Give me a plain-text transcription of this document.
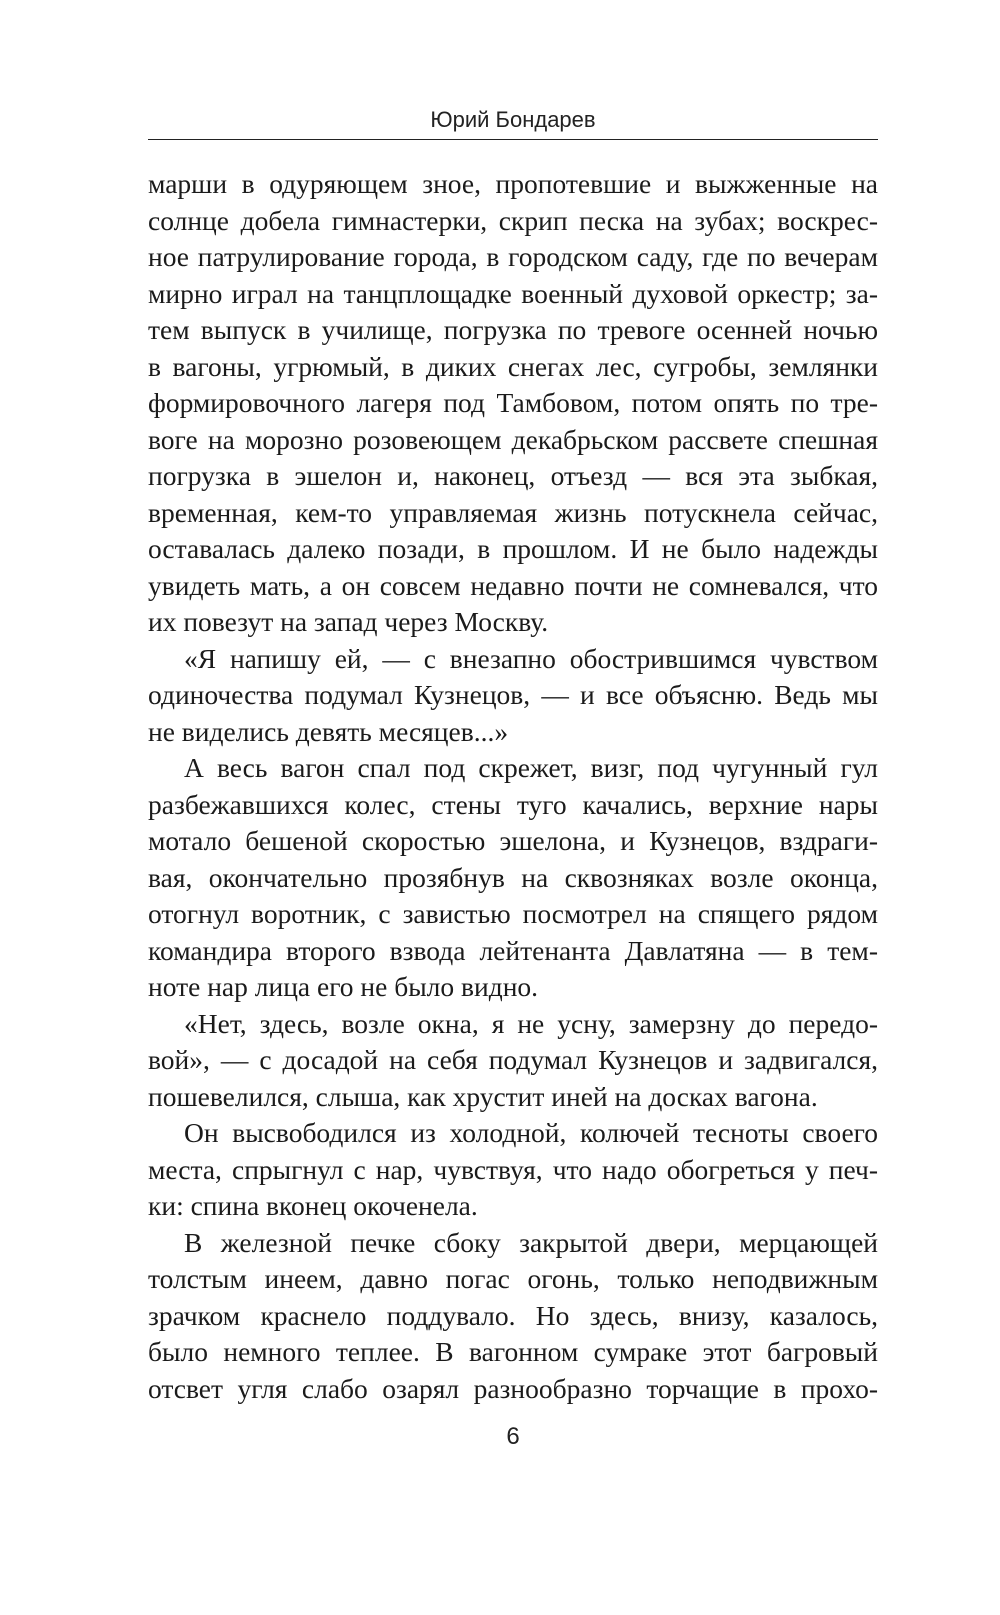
Юрий Бондарев

марши в одуряющем зное, пропотевшие и выжженные на
солнце добела гимнастерки, скрип песка на зубах; воскрес-
ное патрулирование города, в городском саду, где по вечерам
мирно играл на танцплощадке военный духовой оркестр; за-
тем выпуск в училище, погрузка по тревоге осенней ночью
в вагоны, угрюмый, в диких снегах лес, сугробы, землянки
формировочного лагеря под Тамбовом, потом опять по тре-
воге на морозно розовеющем декабрьском рассвете спешная
погрузка в эшелон и, наконец, отъезд — вся эта зыбкая,
временная, кем-то управляемая жизнь потускнела сейчас,
оставалась далеко позади, в прошлом. И не было надежды
увидеть мать, а он совсем недавно почти не сомневался, что
их повезут на запад через Москву.

«Я напишу ей, — с внезапно обострившимся чувством
одиночества подумал Кузнецов, — и все объясню. Ведь мы
не виделись девять месяцев...»

А весь вагон спал под скрежет, визг, под чугунный гул
разбежавшихся колес, стены туго качались, верхние нары
мотало бешеной скоростью эшелона, и Кузнецов, вздраги-
вая, окончательно прозябнув на сквозняках возле оконца,
отогнул воротник, с завистью посмотрел на спящего рядом
командира второго взвода лейтенанта Давлатяна — в тем-
ноте нар лица его не было видно.

«Нет, здесь, возле окна, я не усну, замерзну до передо-
вой», — с досадой на себя подумал Кузнецов и задвигался,
пошевелился, слыша, как хрустит иней на досках вагона.

Он высвободился из холодной, колючей тесноты своего
места, спрыгнул с нар, чувствуя, что надо обогреться у печ-
ки: спина вконец окоченела.

В железной печке сбоку закрытой двери, мерцающей
толстым инеем, давно погас огонь, только неподвижным
зрачком краснело поддувало. Но здесь, внизу, казалось,
было немного теплее. В вагонном сумраке этот багровый
отсвет угля слабо озарял разнообразно торчащие в прохо-

6
